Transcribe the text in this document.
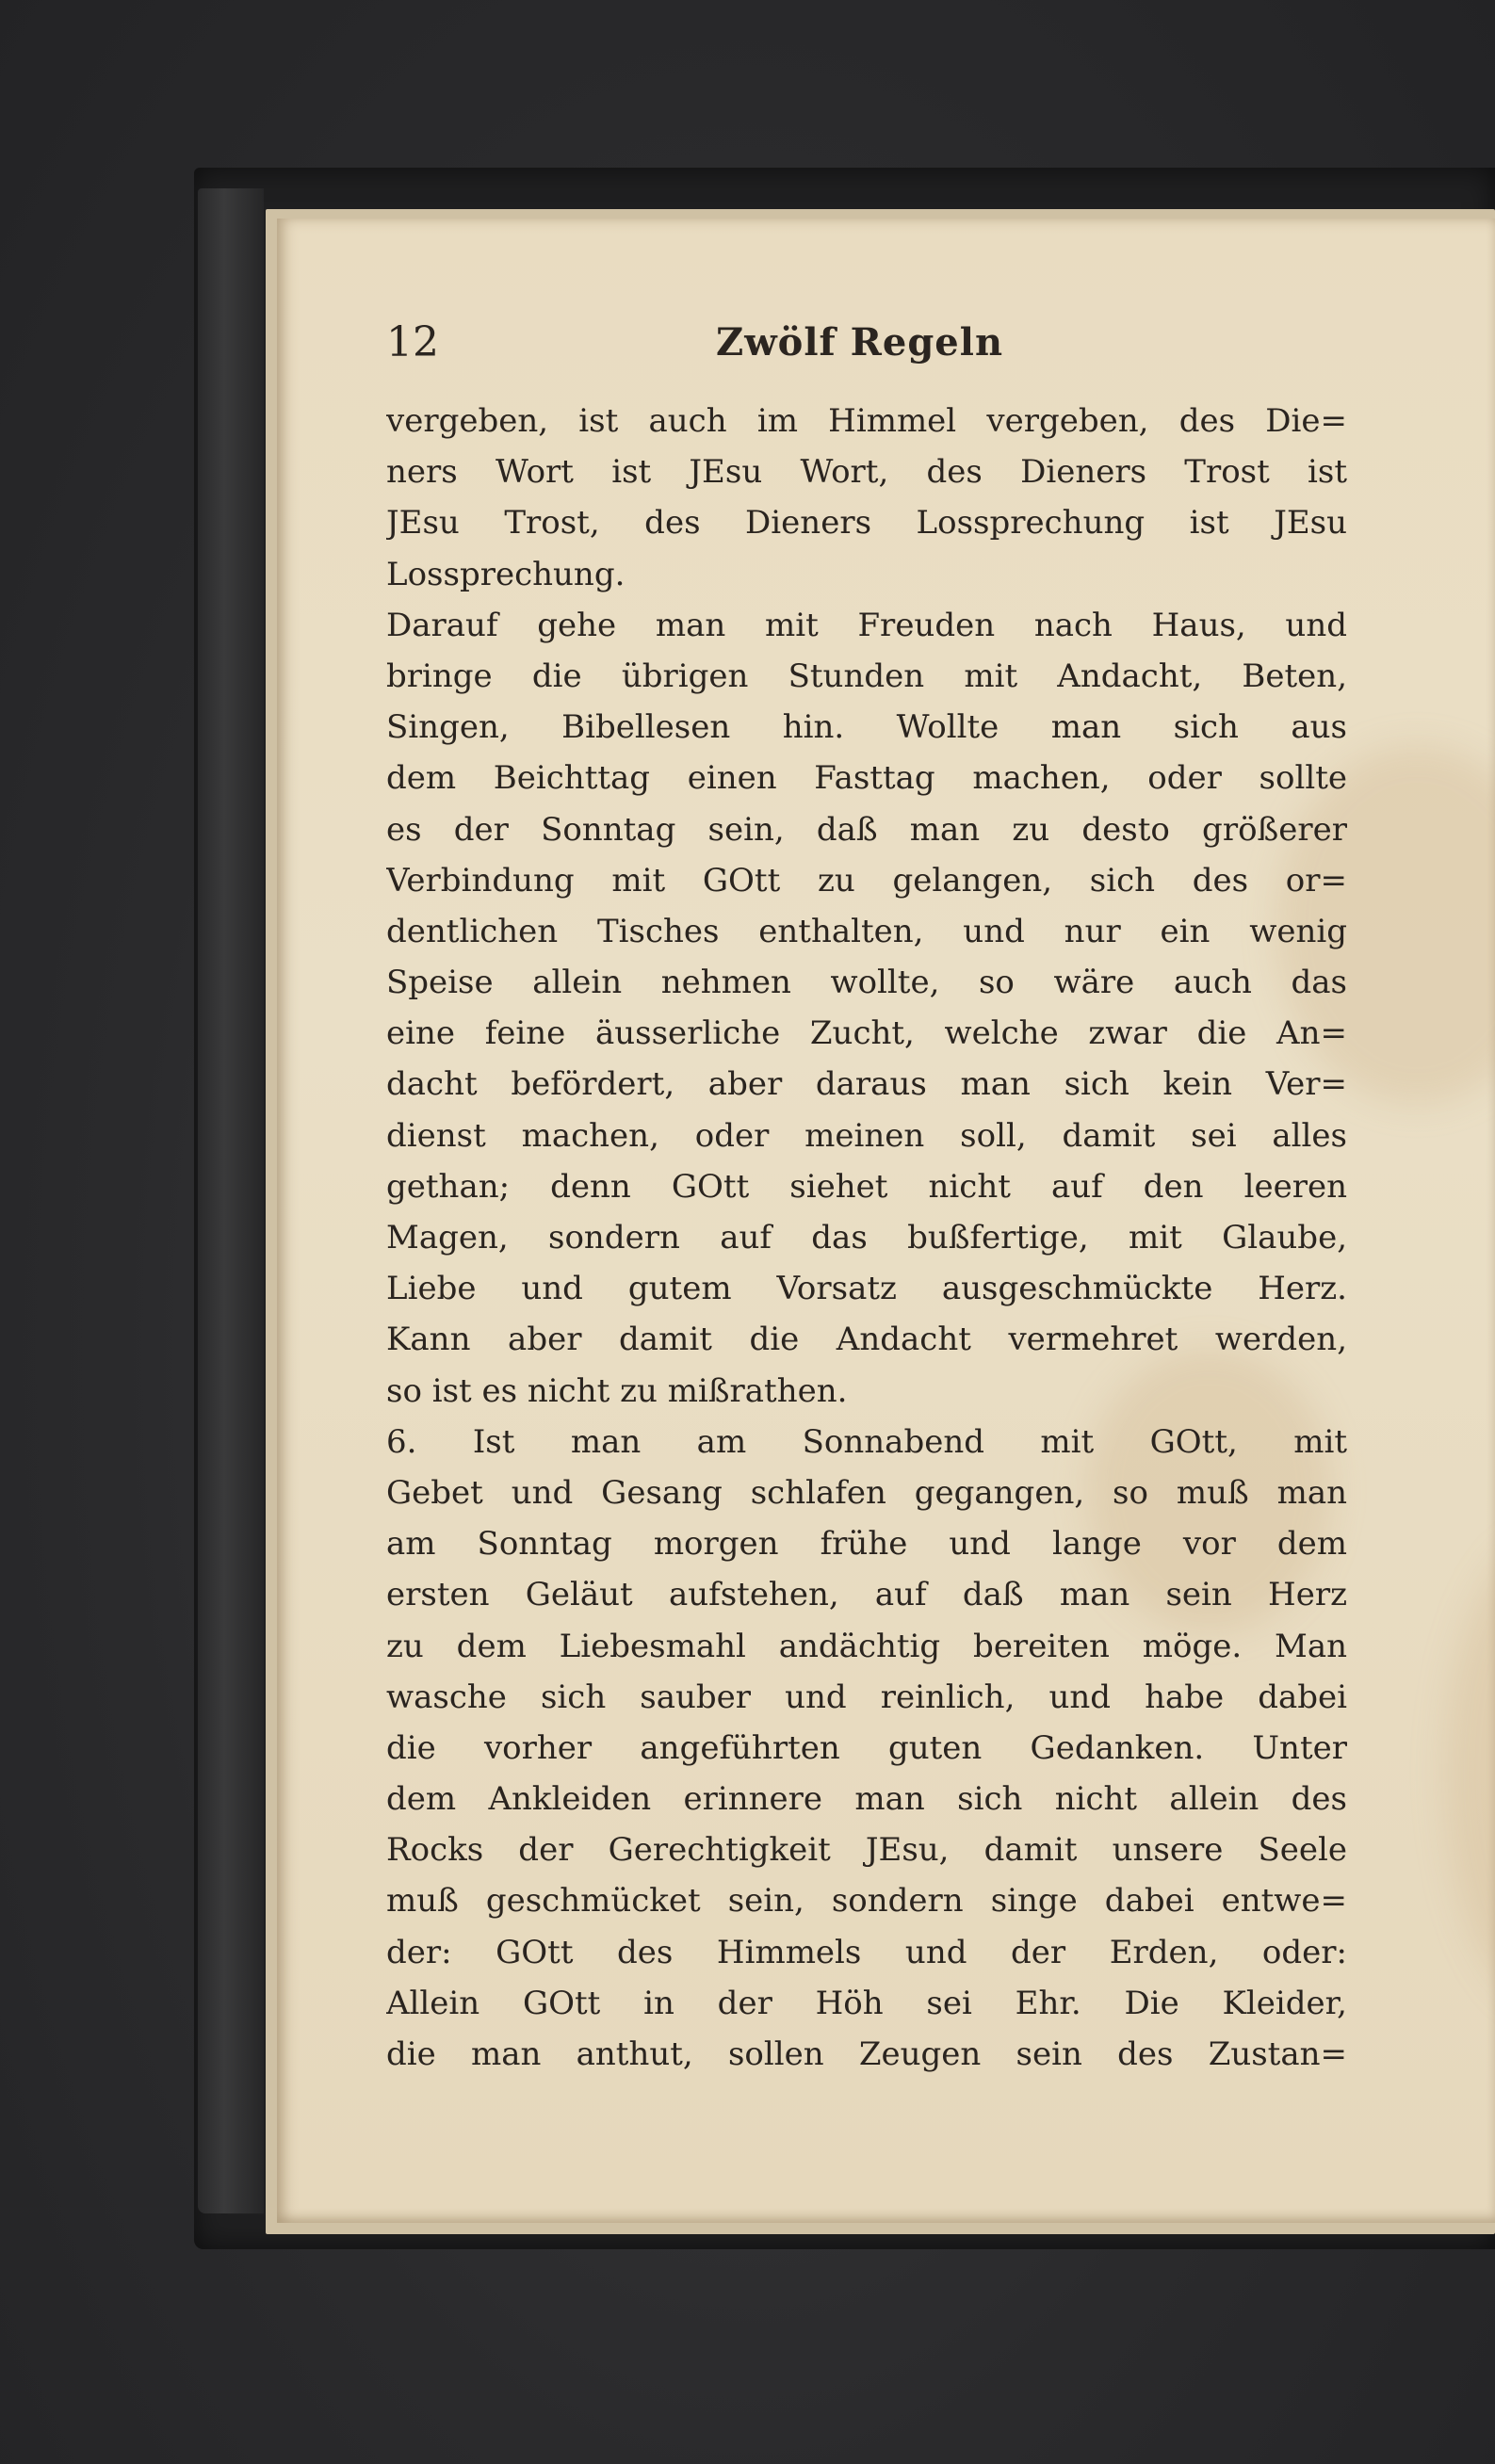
12	Zwölf Regeln
vergeben, ist auch im Himmel vergeben, des Die=
ners Wort ist JEsu Wort, des Dieners Trost ist
JEsu Trost, des Dieners Lossprechung ist JEsu
Lossprechung.
Darauf gehe man mit Freuden nach Haus, und
bringe die übrigen Stunden mit Andacht, Beten,
Singen, Bibellesen hin. Wollte man sich aus
dem Beichttag einen Fasttag machen, oder sollte
es der Sonntag sein, daß man zu desto größerer
Verbindung mit GOtt zu gelangen, sich des or=
dentlichen Tisches enthalten, und nur ein wenig
Speise allein nehmen wollte, so wäre auch das
eine feine äusserliche Zucht, welche zwar die An=
dacht befördert, aber daraus man sich kein Ver=
dienst machen, oder meinen soll, damit sei alles
gethan; denn GOtt siehet nicht auf den leeren
Magen, sondern auf das bußfertige, mit Glaube,
Liebe und gutem Vorsatz ausgeschmückte Herz.
Kann aber damit die Andacht vermehret werden,
so ist es nicht zu mißrathen.
6. Ist man am Sonnabend mit GOtt, mit
Gebet und Gesang schlafen gegangen, so muß man
am Sonntag morgen frühe und lange vor dem
ersten Geläut aufstehen, auf daß man sein Herz
zu dem Liebesmahl andächtig bereiten möge. Man
wasche sich sauber und reinlich, und habe dabei
die vorher angeführten guten Gedanken. Unter
dem Ankleiden erinnere man sich nicht allein des
Rocks der Gerechtigkeit JEsu, damit unsere Seele
muß geschmücket sein, sondern singe dabei entwe=
der: GOtt des Himmels und der Erden, oder:
Allein GOtt in der Höh sei Ehr. Die Kleider,
die man anthut, sollen Zeugen sein des Zustan=
